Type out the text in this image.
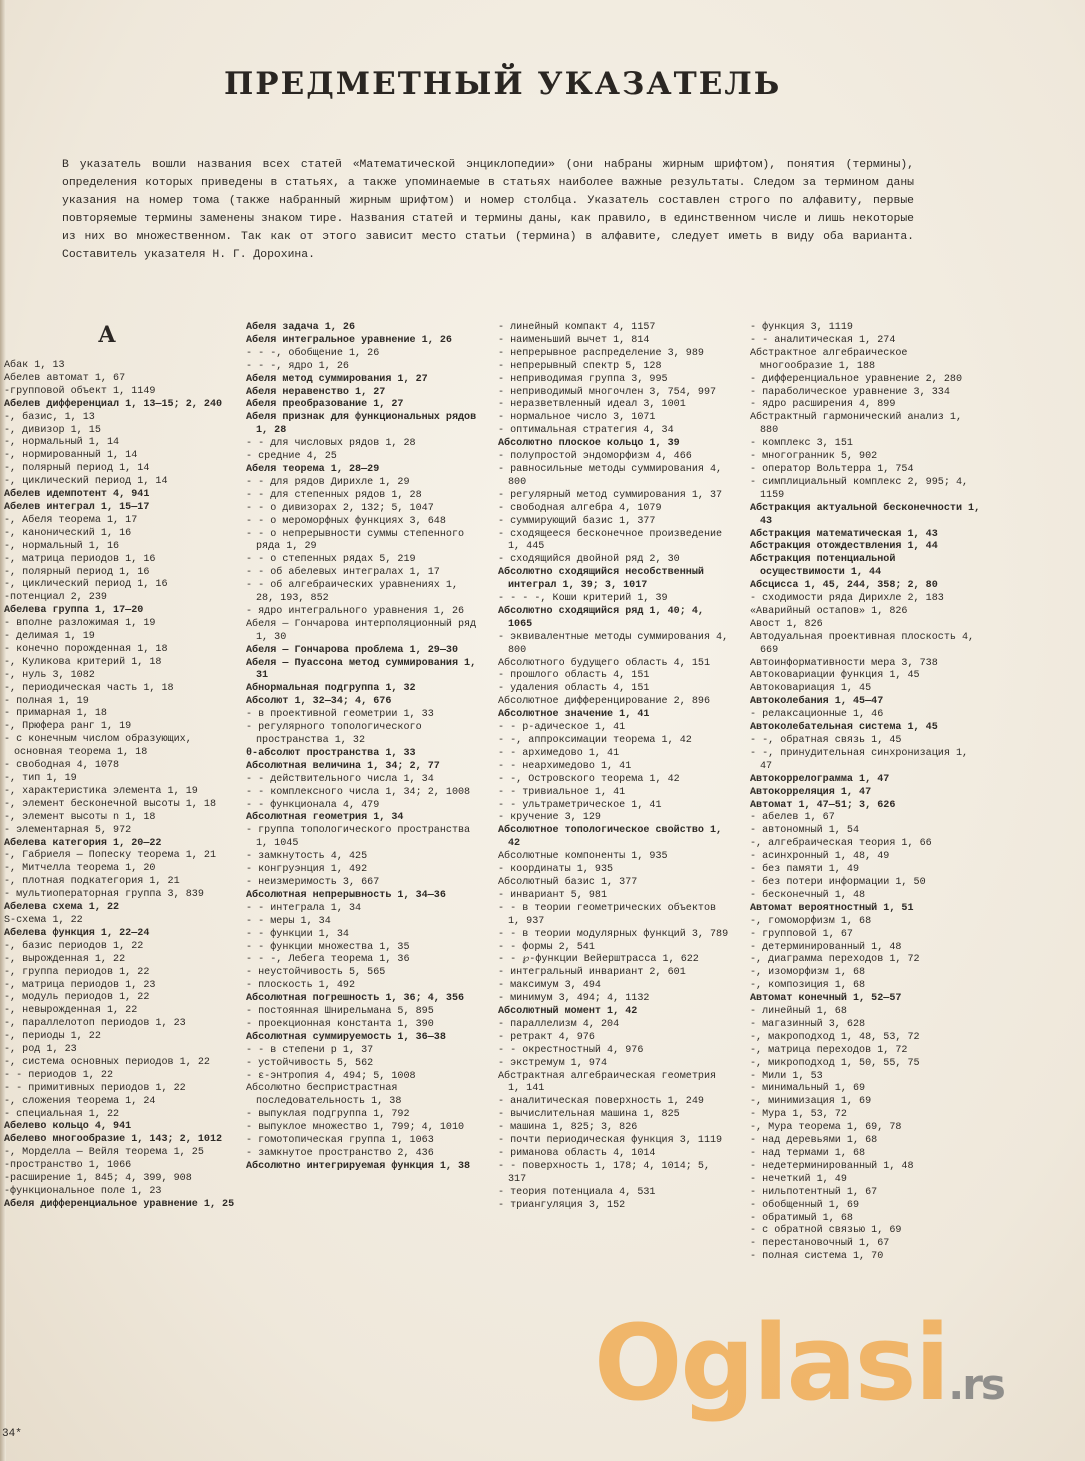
ПРЕДМЕТНЫЙ УКАЗАТЕЛЬ
В указатель вошли названия всех статей «Математической энциклопедии» (они набраны жирным шрифтом), понятия (термины), определения которых приведены в статьях, а также упоминаемые в статьях наиболее важные результаты. Следом за термином даны указания на номер тома (также набранный жирным шрифтом) и номер столбца. Указатель составлен строго по алфавиту, первые повторяемые термины заменены знаком тире. Названия статей и термины даны, как правило, в единственном числе и лишь некоторые из них во множественном. Так как от этого зависит место статьи (термина) в алфавите, следует иметь в виду оба варианта. Составитель указателя Н. Г. Дорохина.
А

Абак 1, 13

Абелев автомат 1, 67

-групповой объект 1, 1149

Абелев дифференциал 1, 13—15; 2, 240

-, базис, 1, 13

-, дивизор 1, 15

-, нормальный 1, 14

-, нормированный 1, 14

-, полярный период 1, 14

-, циклический период 1, 14

Абелев идемпотент 4, 941

Абелев интеграл 1, 15—17

-, Абеля теорема 1, 17

-, канонический 1, 16

-, нормальный 1, 16

-, матрица периодов 1, 16

-, полярный период 1, 16

-, циклический период 1, 16

-потенциал 2, 239

Абелева группа 1, 17—20

- вполне разложимая 1, 19

- делимая 1, 19

- конечно порожденная 1, 18

-, Куликова критерий 1, 18

-, нуль 3, 1082

-, периодическая часть 1, 18

- полная 1, 19

- примарная 1, 18

-, Прюфера ранг 1, 19

- с конечным числом образующих, основная теорема 1, 18

- свободная 4, 1078

-, тип 1, 19

-, характеристика элемента 1, 19

-, элемент бесконечной высоты 1, 18

-, элемент высоты n 1, 18

- элементарная 5, 972

Абелева категория 1, 20—22

-, Габриеля — Попеску теорема 1, 21

-, Митчелла теорема 1, 20

-, плотная подкатегория 1, 21

- мультиоператорная группа 3, 839

Абелева схема 1, 22

S-схема 1, 22

Абелева функция 1, 22—24

-, базис периодов 1, 22

-, вырожденная 1, 22

-, группа периодов 1, 22

-, матрица периодов 1, 23

-, модуль периодов 1, 22

-, невырожденная 1, 22

-, параллелотоп периодов 1, 23

-, периоды 1, 22

-, род 1, 23

-, система основных периодов 1, 22

- - периодов 1, 22

- - примитивных периодов 1, 22

-, сложения теорема 1, 24

- специальная 1, 22

Абелево кольцо 4, 941

Абелево многообразие 1, 143; 2, 1012

-, Морделла — Вейля теорема 1, 25

-пространство 1, 1066

-расширение 1, 845; 4, 399, 908

-функциональное поле 1, 23

Абеля дифференциальное уравнение 1, 25

Абеля задача 1, 26

Абеля интегральное уравнение 1, 26

- - -, обобщение 1, 26

- - -, ядро 1, 26

Абеля метод суммирования 1, 27

Абеля неравенство 1, 27

Абеля преобразование 1, 27

Абеля признак для функциональных рядов 1, 28

- - для числовых рядов 1, 28

- средние 4, 25

Абеля теорема 1, 28—29

- - для рядов Дирихле 1, 29

- - для степенных рядов 1, 28

- - о дивизорах 2, 132; 5, 1047

- - о мероморфных функциях 3, 648

- - о непрерывности суммы степенного ряда 1, 29

- - о степенных рядах 5, 219

- - об абелевых интегралах 1, 17

- - об алгебраических уравнениях 1, 28, 193, 852

- ядро интегрального уравнения 1, 26

Абеля — Гончарова интерполяционный ряд 1, 30

Абеля — Гончарова проблема 1, 29—30

Абеля — Пуассона метод суммирования 1, 31

Абнормальная подгруппа 1, 32

Абсолют 1, 32—34; 4, 676

- в проективной геометрии 1, 33

- регулярного топологического пространства 1, 32

θ-абсолют пространства 1, 33

Абсолютная величина 1, 34; 2, 77

- - действительного числа 1, 34

- - комплексного числа 1, 34; 2, 1008

- - функционала 4, 479

Абсолютная геометрия 1, 34

- группа топологического пространства 1, 1045

- замкнутость 4, 425

- конгруэнция 1, 492

- неизмеримость 3, 667

Абсолютная непрерывность 1, 34—36

- - интеграла 1, 34

- - меры 1, 34

- - функции 1, 34

- - функции множества 1, 35

- - -, Лебега теорема 1, 36

- неустойчивость 5, 565

- плоскость 1, 492

Абсолютная погрешность 1, 36; 4, 356

- постоянная Шнирельмана 5, 895

- проекционная константа 1, 390

Абсолютная суммируемость 1, 36—38

- - в степени p 1, 37

- устойчивость 5, 562

- ε-энтропия 4, 494; 5, 1008

Абсолютно беспристрастная последовательность 1, 38

- выпуклая подгруппа 1, 792

- выпуклое множество 1, 799; 4, 1010

- гомотопическая группа 1, 1063

- замкнутое пространство 2, 436

Абсолютно интегрируемая функция 1, 38

- линейный компакт 4, 1157

- наименьший вычет 1, 814

- непрерывное распределение 3, 989

- непрерывный спектр 5, 128

- неприводимая группа 3, 995

- неприводимый многочлен 3, 754, 997

- неразветвленный идеал 3, 1001

- нормальное число 3, 1071

- оптимальная стратегия 4, 34

Абсолютно плоское кольцо 1, 39

- полупростой эндоморфизм 4, 466

- равносильные методы суммирования 4, 800

- регулярный метод суммирования 1, 37

- свободная алгебра 4, 1079

- суммирующий базис 1, 377

- сходящееся бесконечное произведение 1, 445

- сходящийся двойной ряд 2, 30

Абсолютно сходящийся несобственный интеграл 1, 39; 3, 1017

- - - -, Коши критерий 1, 39

Абсолютно сходящийся ряд 1, 40; 4, 1065

- эквивалентные методы суммирования 4, 800

Абсолютного будущего область 4, 151

- прошлого область 4, 151

- удаления область 4, 151

Абсолютное дифференцирование 2, 896

Абсолютное значение 1, 41

- - p-адическое 1, 41

- -, аппроксимации теорема 1, 42

- - архимедово 1, 41

- - неархимедово 1, 41

- -, Островского теорема 1, 42

- - тривиальное 1, 41

- - ультраметрическое 1, 41

- кручение 3, 129

Абсолютное топологическое свойство 1, 42

Абсолютные компоненты 1, 935

- координаты 1, 935

Абсолютный базис 1, 377

- инвариант 5, 981

- - в теории геометрических объектов 1, 937

- - в теории модулярных функций 3, 789

- - формы 2, 541

- - ℘-функции Вейерштрасса 1, 622

- интегральный инвариант 2, 601

- максимум 3, 494

- минимум 3, 494; 4, 1132

Абсолютный момент 1, 42

- параллелизм 4, 204

- ретракт 4, 976

- - окрестностный 4, 976

- экстремум 1, 974

Абстрактная алгебраическая геометрия 1, 141

- аналитическая поверхность 1, 249

- вычислительная машина 1, 825

- машина 1, 825; 3, 826

- почти периодическая функция 3, 1119

- риманова область 4, 1014

- - поверхность 1, 178; 4, 1014; 5, 317

- теория потенциала 4, 531

- триангуляция 3, 152

- функция 3, 1119

- - аналитическая 1, 274

Абстрактное алгебраическое многообразие 1, 188

- дифференциальное уравнение 2, 280

- параболическое уравнение 3, 334

- ядро расширения 4, 899

Абстрактный гармонический анализ 1, 880

- комплекс 3, 151

- многогранник 5, 902

- оператор Вольтерра 1, 754

- симплициальный комплекс 2, 995; 4, 1159

Абстракция актуальной бесконечности 1, 43

Абстракция математическая 1, 43

Абстракция отождествления 1, 44

Абстракция потенциальной осуществимости 1, 44

Абсцисса 1, 45, 244, 358; 2, 80

- сходимости ряда Дирихле 2, 183

«Аварийный остапов» 1, 826

Авост 1, 826

Автодуальная проективная плоскость 4, 669

Автоинформативности мера 3, 738

Автоковариации функция 1, 45

Автоковариация 1, 45

Автоколебания 1, 45—47

- релаксационные 1, 46

Автоколебательная система 1, 45

- -, обратная связь 1, 45

- -, принудительная синхронизация 1, 47

Автокоррелограмма 1, 47

Автокорреляция 1, 47

Автомат 1, 47—51; 3, 626

- абелев 1, 67

- автономный 1, 54

-, алгебраическая теория 1, 66

- асинхронный 1, 48, 49

- без памяти 1, 49

- без потери информации 1, 50

- бесконечный 1, 48

Автомат вероятностный 1, 51

-, гомоморфизм 1, 68

- групповой 1, 67

- детерминированный 1, 48

-, диаграмма переходов 1, 72

-, изоморфизм 1, 68

-, композиция 1, 68

Автомат конечный 1, 52—57

- линейный 1, 68

- магазинный 3, 628

-, макроподход 1, 48, 53, 72

-, матрица переходов 1, 72

-, микроподход 1, 50, 55, 75

- Мили 1, 53

- минимальный 1, 69

-, минимизация 1, 69

- Мура 1, 53, 72

-, Мура теорема 1, 69, 78

- над деревьями 1, 68

- над термами 1, 68

- недетерминированный 1, 48

- нечеткий 1, 49

- нильпотентный 1, 67

- обобщенный 1, 69

- обратимый 1, 68

- с обратной связью 1, 69

- перестановочный 1, 67

- полная система 1, 70

34*
Oglasi.rs
